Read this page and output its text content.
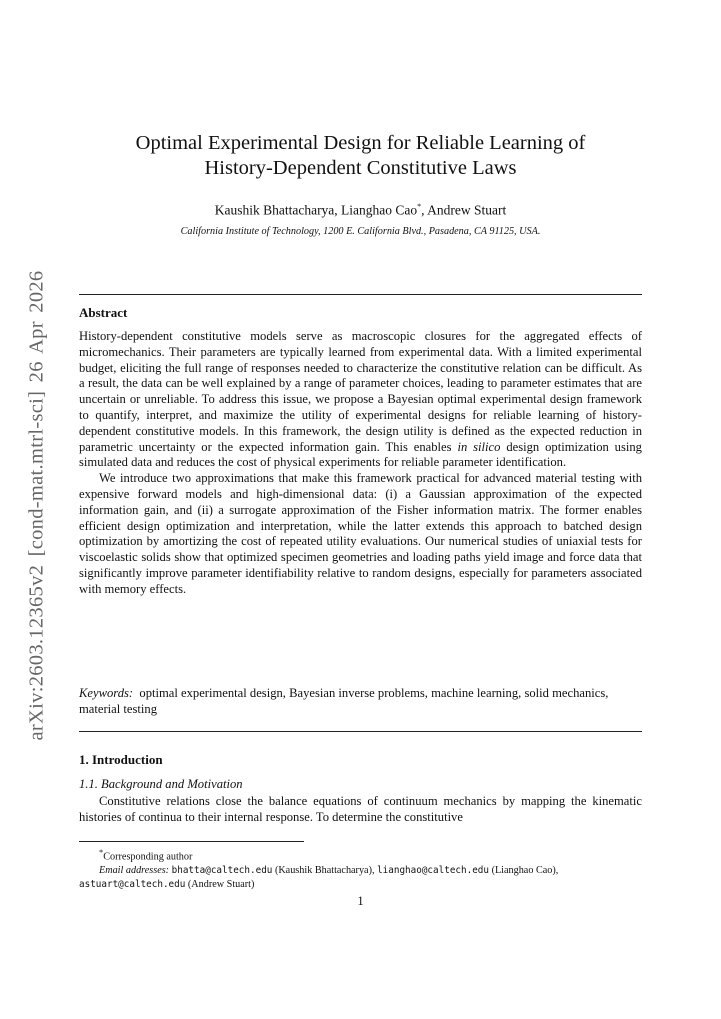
arXiv:2603.12365v2 [cond-mat.mtrl-sci] 26 Apr 2026
Optimal Experimental Design for Reliable Learning of
History-Dependent Constitutive Laws
Kaushik Bhattacharya, Lianghao Cao*, Andrew Stuart
California Institute of Technology, 1200 E. California Blvd., Pasadena, CA 91125, USA.
Abstract

History-dependent constitutive models serve as macroscopic closures for the aggregated effects of micromechanics. Their parameters are typically learned from experimental data. With a limited experimental budget, eliciting the full range of responses needed to characterize the constitutive relation can be difficult. As a result, the data can be well explained by a range of parameter choices, leading to parameter estimates that are uncertain or unreliable. To address this issue, we propose a Bayesian optimal experimental design framework to quantify, interpret, and maximize the utility of experimental designs for reliable learning of history-dependent constitutive models. In this framework, the design utility is defined as the expected reduction in parametric uncertainty or the expected information gain. This enables in silico design optimization using simulated data and reduces the cost of physical experiments for reliable parameter identification.

We introduce two approximations that make this framework practical for advanced material testing with expensive forward models and high-dimensional data: (i) a Gaussian approximation of the expected information gain, and (ii) a surrogate approximation of the Fisher information matrix. The former enables efficient design optimization and interpretation, while the latter extends this approach to batched design optimization by amortizing the cost of repeated utility evaluations. Our numerical studies of uniaxial tests for viscoelastic solids show that optimized specimen geometries and loading paths yield image and force data that significantly improve parameter identifiability relative to random designs, especially for parameters associated with memory effects.

Keywords: optimal experimental design, Bayesian inverse problems, machine learning, solid mechanics, material testing
1. Introduction
1.1. Background and Motivation

Constitutive relations close the balance equations of continuum mechanics by mapping the kinematic histories of continua to their internal response. To determine the constitutive

*Corresponding author

Email addresses: bhatta@caltech.edu (Kaushik Bhattacharya), lianghao@caltech.edu (Lianghao Cao), astuart@caltech.edu (Andrew Stuart)

1
